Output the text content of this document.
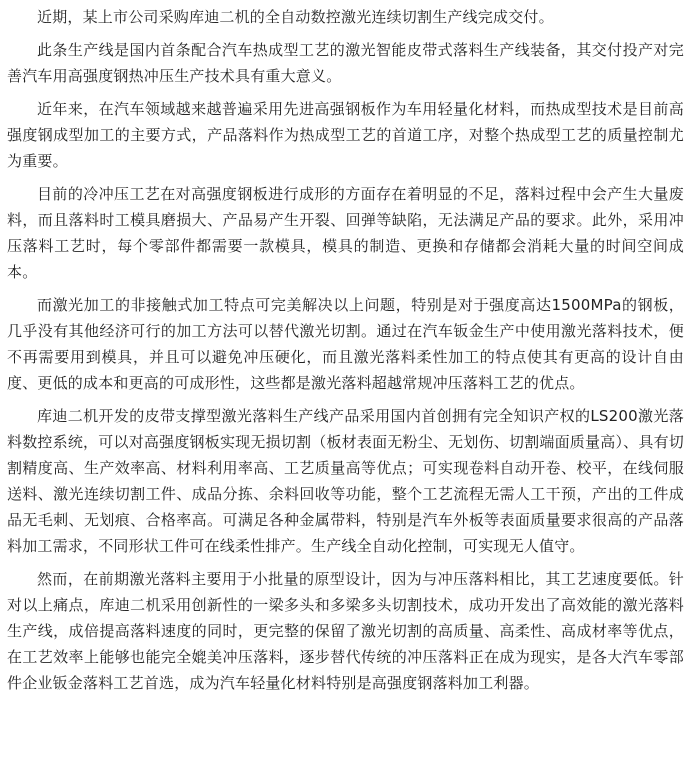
近期，某上市公司采购库迪二机的全自动数控激光连续切割生产线完成交付。

此条生产线是国内首条配合汽车热成型工艺的激光智能皮带式落料生产线装备，其交付投产对完善汽车用高强度钢热冲压生产技术具有重大意义。

近年来，在汽车领域越来越普遍采用先进高强钢板作为车用轻量化材料，而热成型技术是目前高强度钢成型加工的主要方式，产品落料作为热成型工艺的首道工序，对整个热成型工艺的质量控制尤为重要。

目前的冷冲压工艺在对高强度钢板进行成形的方面存在着明显的不足，落料过程中会产生大量废料，而且落料时工模具磨损大、产品易产生开裂、回弹等缺陷，无法满足产品的要求。此外，采用冲压落料工艺时，每个零部件都需要一款模具，模具的制造、更换和存储都会消耗大量的时间空间成本。

而激光加工的非接触式加工特点可完美解决以上问题，特别是对于强度高达1500MPa的钢板，几乎没有其他经济可行的加工方法可以替代激光切割。通过在汽车钣金生产中使用激光落料技术，便不再需要用到模具，并且可以避免冲压硬化，而且激光落料柔性加工的特点使其有更高的设计自由度、更低的成本和更高的可成形性，这些都是激光落料超越常规冲压落料工艺的优点。

库迪二机开发的皮带支撑型激光落料生产线产品采用国内首创拥有完全知识产权的LS200激光落料数控系统，可以对高强度钢板实现无损切割（板材表面无粉尘、无划伤、切割端面质量高）、具有切割精度高、生产效率高、材料利用率高、工艺质量高等优点；可实现卷料自动开卷、校平，在线伺服送料、激光连续切割工件、成品分拣、余料回收等功能，整个工艺流程无需人工干预，产出的工件成品无毛刺、无划痕、合格率高。可满足各种金属带料，特别是汽车外板等表面质量要求很高的产品落料加工需求，不同形状工件可在线柔性排产。生产线全自动化控制，可实现无人值守。

然而，在前期激光落料主要用于小批量的原型设计，因为与冲压落料相比，其工艺速度要低。针对以上痛点，库迪二机采用创新性的一梁多头和多梁多头切割技术，成功开发出了高效能的激光落料生产线，成倍提高落料速度的同时，更完整的保留了激光切割的高质量、高柔性、高成材率等优点，在工艺效率上能够也能完全媲美冲压落料，逐步替代传统的冲压落料正在成为现实，是各大汽车零部件企业钣金落料工艺首选，成为汽车轻量化材料特别是高强度钢落料加工利器。
